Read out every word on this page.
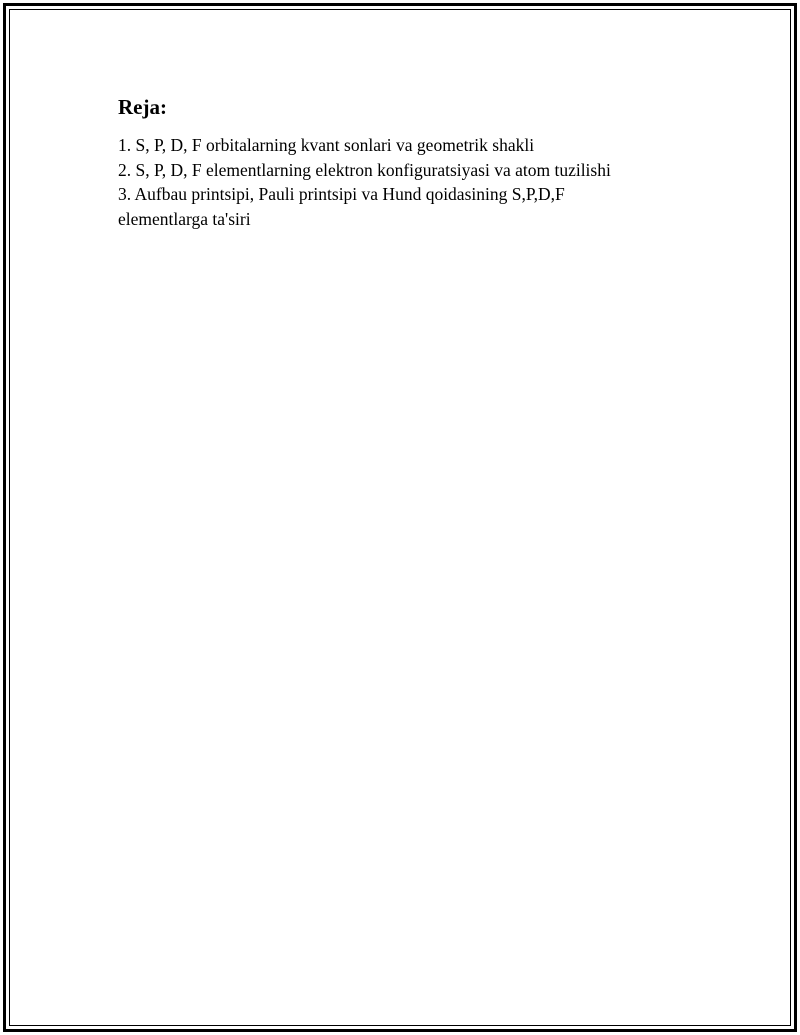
Reja:
1. S, P, D, F orbitalarning kvant sonlari va geometrik shakli
2. S, P, D, F elementlarning elektron konfiguratsiyasi va atom tuzilishi
3. Aufbau printsipi, Pauli printsipi va Hund qoidasining S,P,D,F elementlarga ta'siri
